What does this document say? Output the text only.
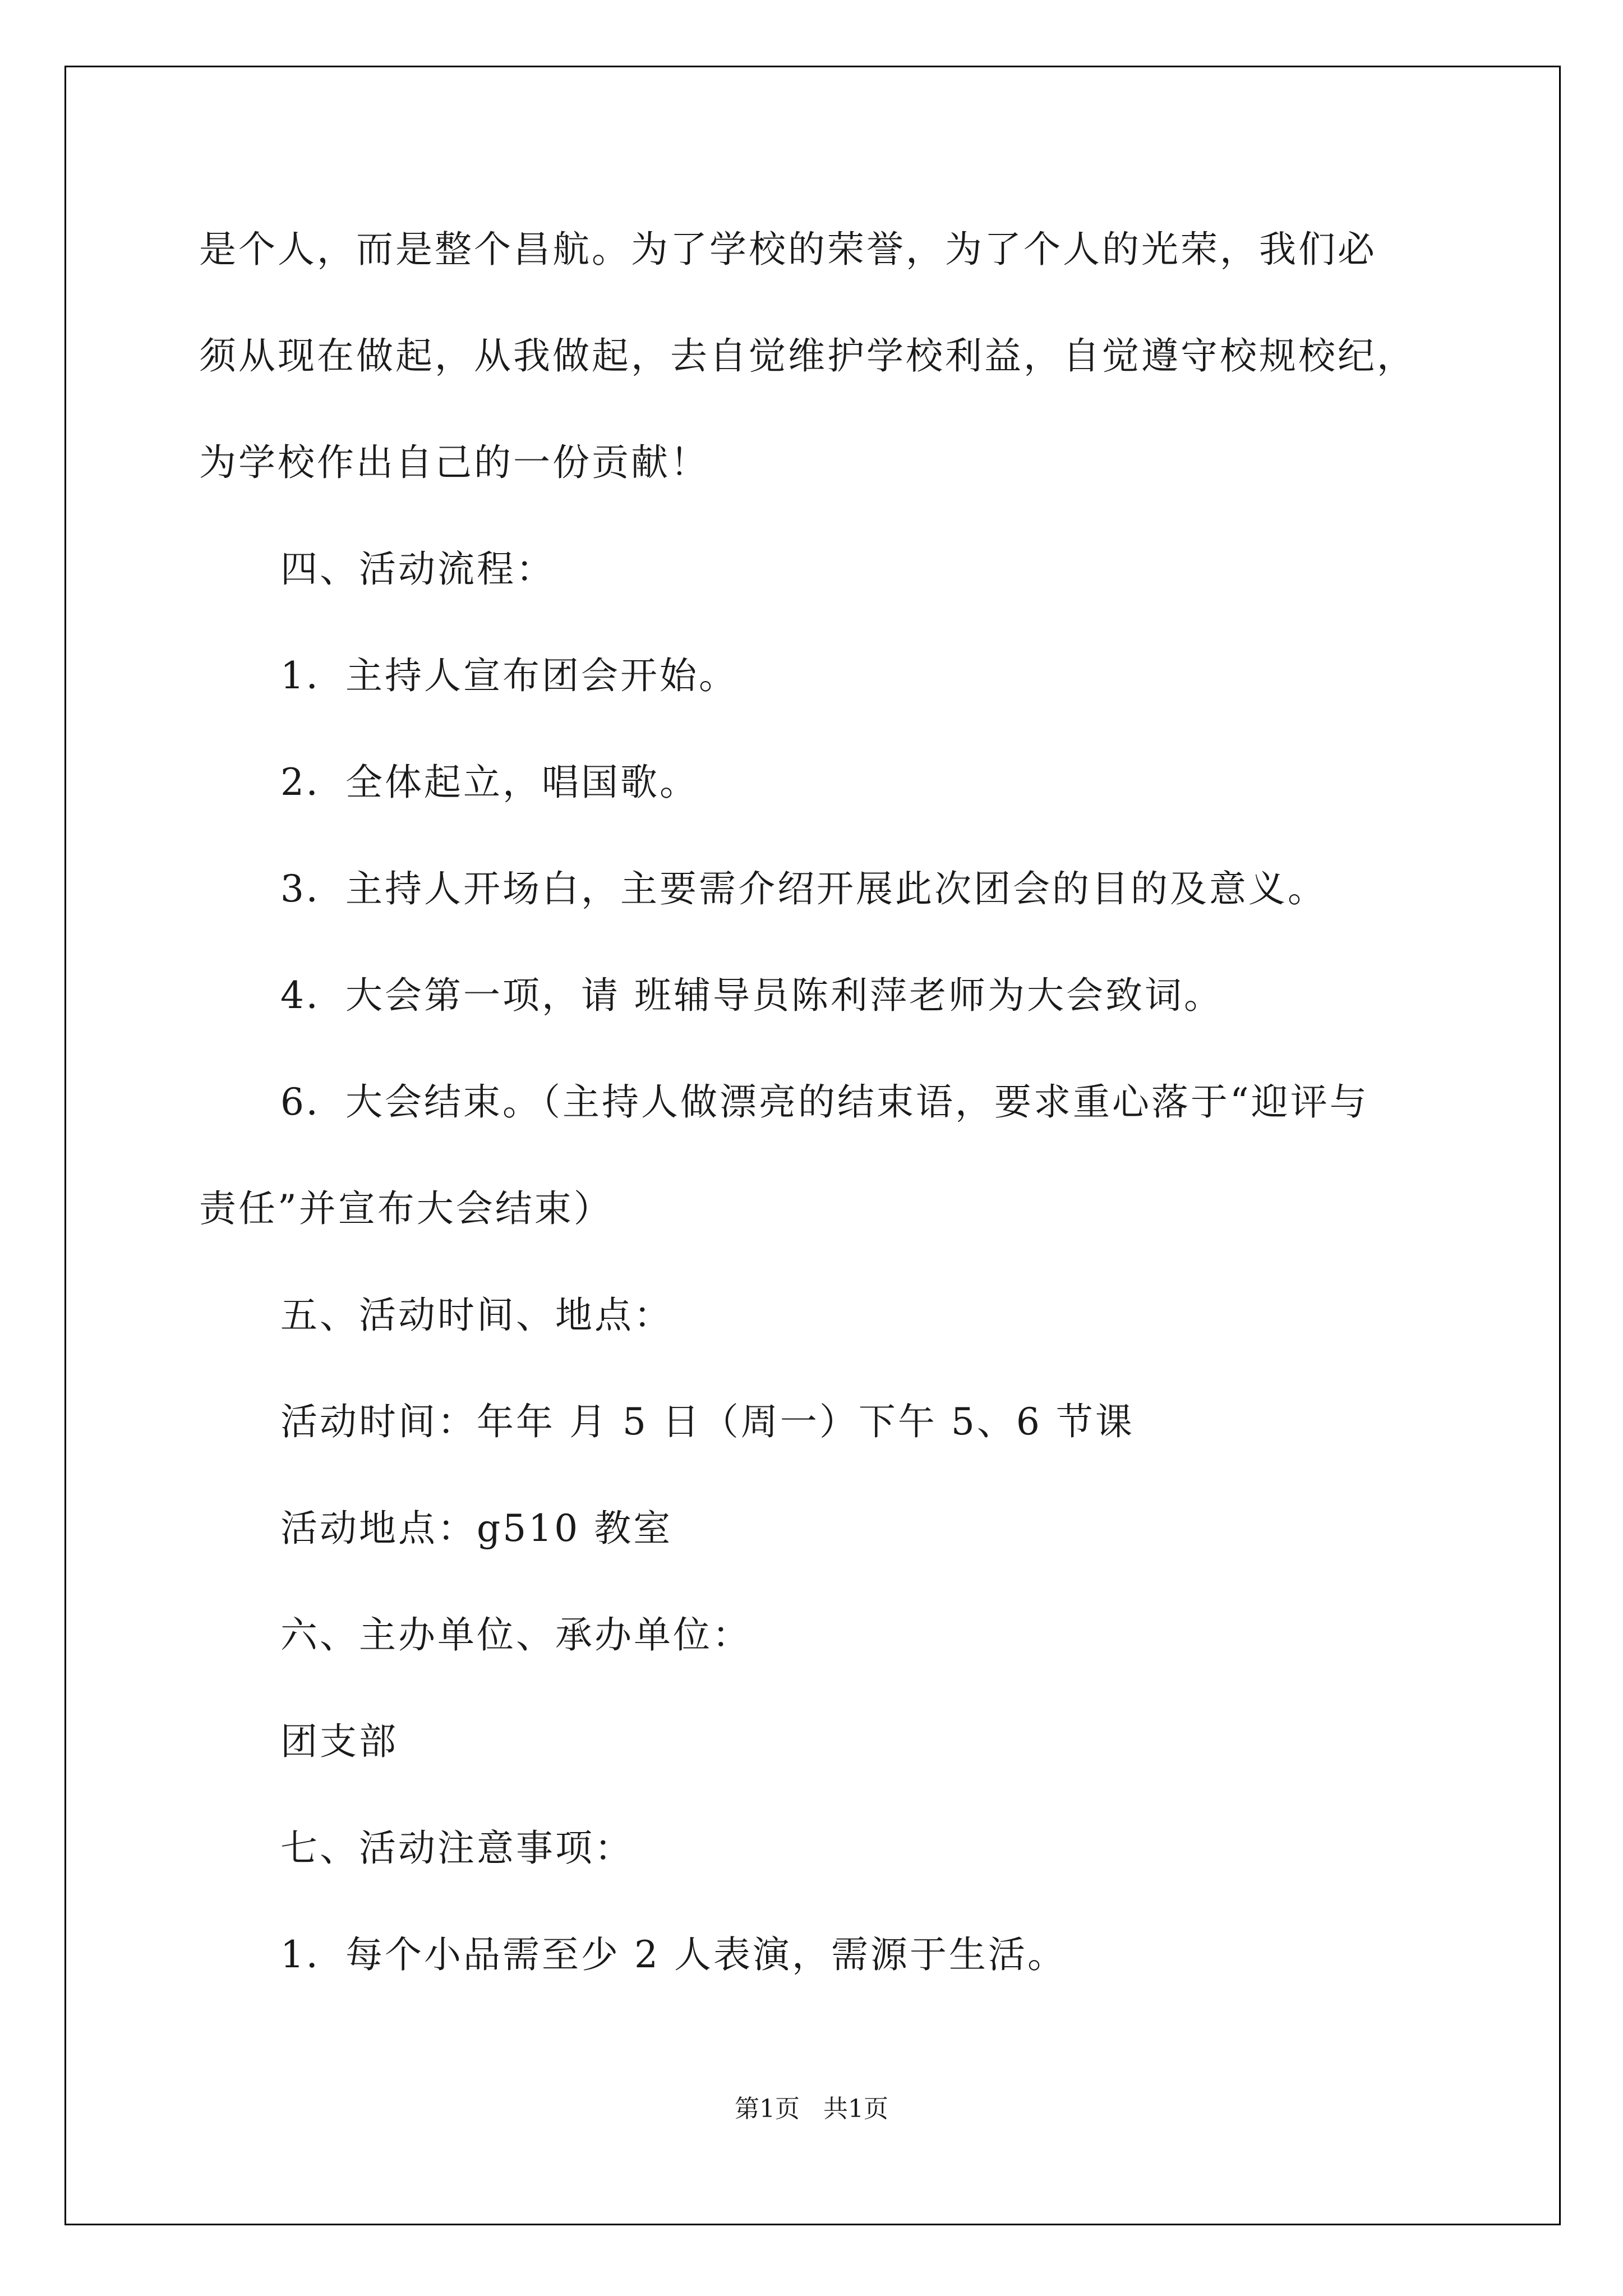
是个人，而是整个昌航。为了学校的荣誉，为了个人的光荣，我们必
须从现在做起，从我做起，去自觉维护学校利益，自觉遵守校规校纪，
为学校作出自己的一份贡献！
四、活动流程：
1．主持人宣布团会开始。
2．全体起立，唱国歌。
3．主持人开场白，主要需介绍开展此次团会的目的及意义。
4．大会第一项，请 班辅导员陈利萍老师为大会致词。
6．大会结束。（主持人做漂亮的结束语，要求重心落于“迎评与
责任”并宣布大会结束）
五、活动时间、地点：
活动时间：年年 月 5 日（周一）下午 5、6 节课
活动地点：g510 教室
六、主办单位、承办单位：
团支部
七、活动注意事项：
1．每个小品需至少 2 人表演，需源于生活。
第1页   共1页
